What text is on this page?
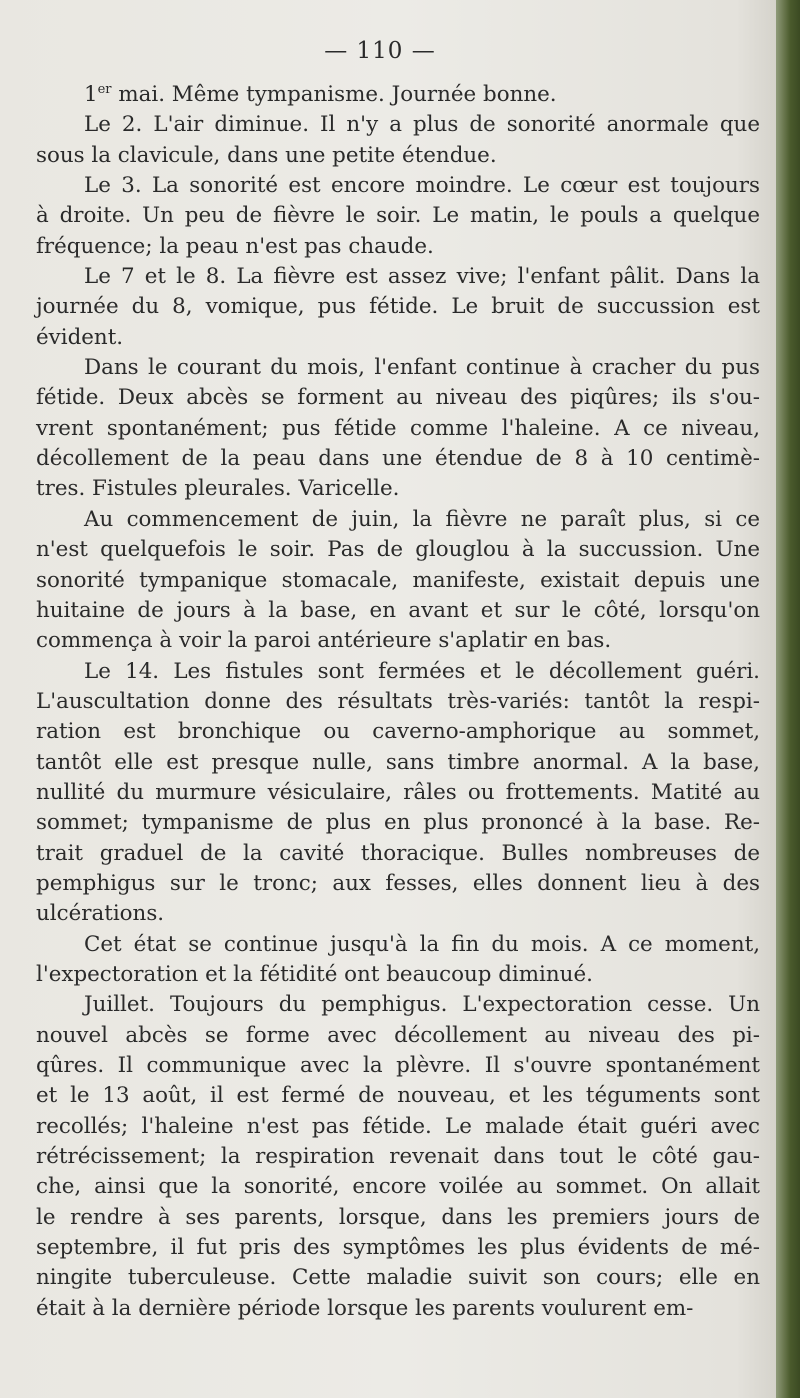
— 110 —

1er mai. Même tympanisme. Journée bonne.

Le 2. L'air diminue. Il n'y a plus de sonorité anormale que
sous la clavicule, dans une petite étendue.

Le 3. La sonorité est encore moindre. Le cœur est toujours
à droite. Un peu de fièvre le soir. Le matin, le pouls a quelque
fréquence; la peau n'est pas chaude.

Le 7 et le 8. La fièvre est assez vive; l'enfant pâlit. Dans la
journée du 8, vomique, pus fétide. Le bruit de succussion est
évident.

Dans le courant du mois, l'enfant continue à cracher du pus
fétide. Deux abcès se forment au niveau des piqûres; ils s'ou-
vrent spontanément; pus fétide comme l'haleine. A ce niveau,
décollement de la peau dans une étendue de 8 à 10 centimè-
tres. Fistules pleurales. Varicelle.

Au commencement de juin, la fièvre ne paraît plus, si ce
n'est quelquefois le soir. Pas de glouglou à la succussion. Une
sonorité tympanique stomacale, manifeste, existait depuis une
huitaine de jours à la base, en avant et sur le côté, lorsqu'on
commença à voir la paroi antérieure s'aplatir en bas.

Le 14. Les fistules sont fermées et le décollement guéri.
L'auscultation donne des résultats très-variés: tantôt la respi-
ration est bronchique ou caverno-amphorique au sommet,
tantôt elle est presque nulle, sans timbre anormal. A la base,
nullité du murmure vésiculaire, râles ou frottements. Matité au
sommet; tympanisme de plus en plus prononcé à la base. Re-
trait graduel de la cavité thoracique. Bulles nombreuses de
pemphigus sur le tronc; aux fesses, elles donnent lieu à des
ulcérations.

Cet état se continue jusqu'à la fin du mois. A ce moment,
l'expectoration et la fétidité ont beaucoup diminué.

Juillet. Toujours du pemphigus. L'expectoration cesse. Un
nouvel abcès se forme avec décollement au niveau des pi-
qûres. Il communique avec la plèvre. Il s'ouvre spontanément
et le 13 août, il est fermé de nouveau, et les téguments sont
recollés; l'haleine n'est pas fétide. Le malade était guéri avec
rétrécissement; la respiration revenait dans tout le côté gau-
che, ainsi que la sonorité, encore voilée au sommet. On allait
le rendre à ses parents, lorsque, dans les premiers jours de
septembre, il fut pris des symptômes les plus évidents de mé-
ningite tuberculeuse. Cette maladie suivit son cours; elle en
était à la dernière période lorsque les parents voulurent em-
